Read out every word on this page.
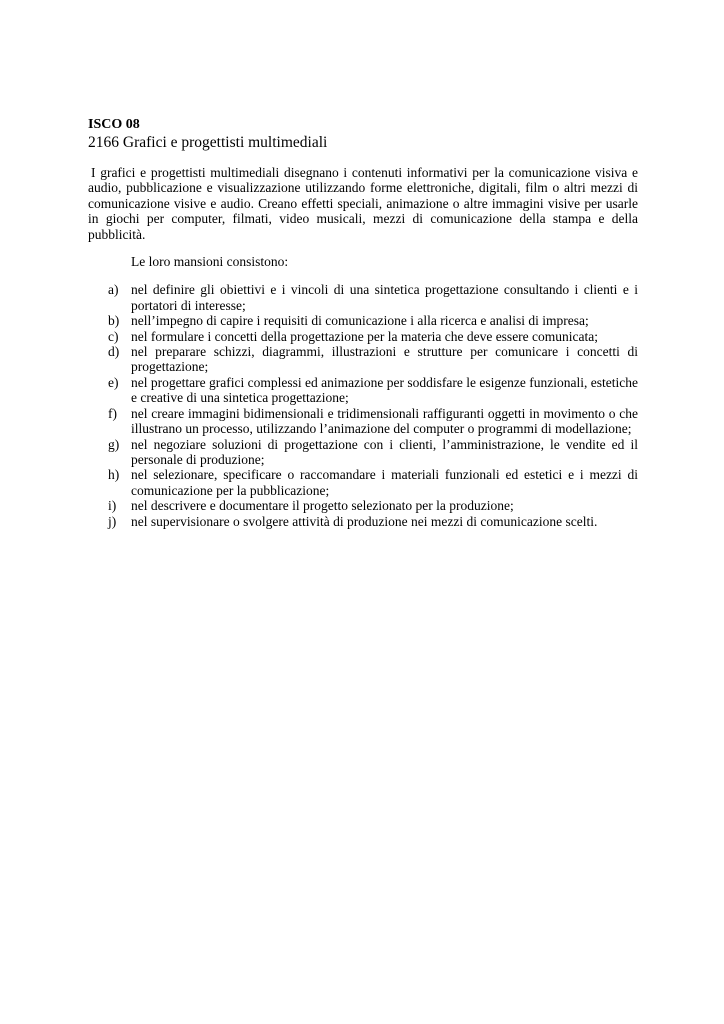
ISCO 08
2166 Grafici e progettisti multimediali

I grafici e progettisti multimediali disegnano i contenuti informativi per la comunicazione visiva e audio, pubblicazione e visualizzazione utilizzando forme elettroniche, digitali, film o altri mezzi di comunicazione visive e audio. Creano effetti speciali, animazione o altre immagini visive per usarle in giochi per computer, filmati, video musicali, mezzi di comunicazione della stampa e della pubblicità.

Le loro mansioni consistono:
a) nel definire gli obiettivi e i vincoli di una sintetica progettazione consultando i clienti e i portatori di interesse;
b) nell’impegno di capire i requisiti di comunicazione i alla ricerca e analisi di impresa;
c) nel formulare i concetti della progettazione per la materia che deve essere comunicata;
d) nel preparare schizzi, diagrammi, illustrazioni e strutture per comunicare i concetti di progettazione;
e) nel progettare grafici complessi ed animazione per soddisfare le esigenze funzionali, estetiche e creative di una sintetica progettazione;
f) nel creare immagini bidimensionali e tridimensionali raffiguranti oggetti in movimento o che illustrano un processo, utilizzando l’animazione del computer o programmi di modellazione;
g) nel negoziare soluzioni di progettazione con i clienti, l’amministrazione, le vendite ed il personale di produzione;
h) nel selezionare, specificare o raccomandare i materiali funzionali ed estetici e i mezzi di comunicazione per la pubblicazione;
i) nel descrivere e documentare il progetto selezionato per la produzione;
j) nel supervisionare o svolgere attività di produzione nei mezzi di comunicazione scelti.
